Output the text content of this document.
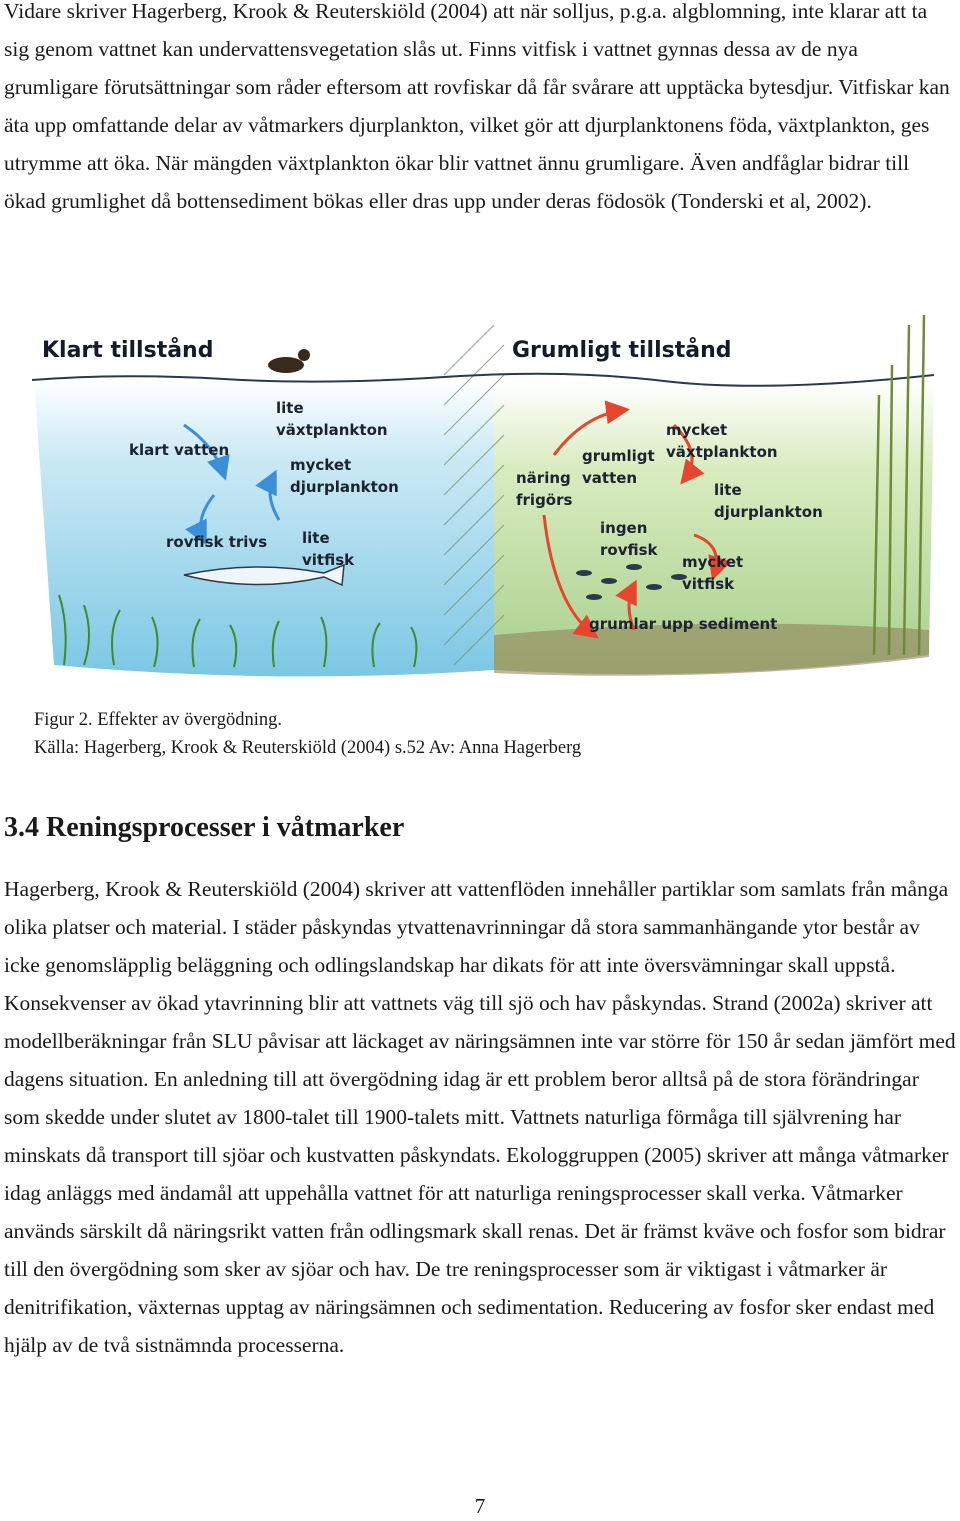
Vidare skriver Hagerberg, Krook & Reuterskiöld (2004) att när solljus, p.g.a. algblomning, inte klarar att ta sig genom vattnet kan undervattensvegetation slås ut. Finns vitfisk i vattnet gynnas dessa av de nya grumligare förutsättningar som råder eftersom att rovfiskar då får svårare att upptäcka bytesdjur. Vitfiskar kan äta upp omfattande delar av våtmarkers djurplankton, vilket gör att djurplanktonens föda, växtplankton, ges utrymme att öka. När mängden växtplankton ökar blir vattnet ännu grumligare. Även andfåglar bidrar till ökad grumlighet då bottensediment bökas eller dras upp under deras födosök (Tonderski et al, 2002).

Klart tillstånd	Grumligt tillstånd
klart vatten
lite
växtplankton
mycket
djurplankton
rovfisk trivs lite
vitfisk
näring
frigörs
grumligt
vatten
mycket
växtplankton
lite
djurplankton
ingen
rovfisk
mycket
vitfisk
grumlar upp sediment

Figur 2. Effekter av övergödning.

Källa: Hagerberg, Krook & Reuterskiöld (2004) s.52 Av: Anna Hagerberg

3.4 Reningsprocesser i våtmarker

Hagerberg, Krook & Reuterskiöld (2004) skriver att vattenflöden innehåller partiklar som samlats från många olika platser och material. I städer påskyndas ytvattenavrinningar då stora sammanhängande ytor består av icke genomsläpplig beläggning och odlingslandskap har dikats för att inte översvämningar skall uppstå. Konsekvenser av ökad ytavrinning blir att vattnets väg till sjö och hav påskyndas. Strand (2002a) skriver att modellberäkningar från SLU påvisar att läckaget av näringsämnen inte var större för 150 år sedan jämfört med dagens situation. En anledning till att övergödning idag är ett problem beror alltså på de stora förändringar som skedde under slutet av 1800-talet till 1900-talets mitt. Vattnets naturliga förmåga till självrening har minskats då transport till sjöar och kustvatten påskyndats. Ekologgruppen (2005) skriver att många våtmarker idag anläggs med ändamål att uppehålla vattnet för att naturliga reningsprocesser skall verka. Våtmarker används särskilt då näringsrikt vatten från odlingsmark skall renas. Det är främst kväve och fosfor som bidrar till den övergödning som sker av sjöar och hav. De tre reningsprocesser som är viktigast i våtmarker är denitrifikation, växternas upptag av näringsämnen och sedimentation. Reducering av fosfor sker endast med hjälp av de två sistnämnda processerna.

7
